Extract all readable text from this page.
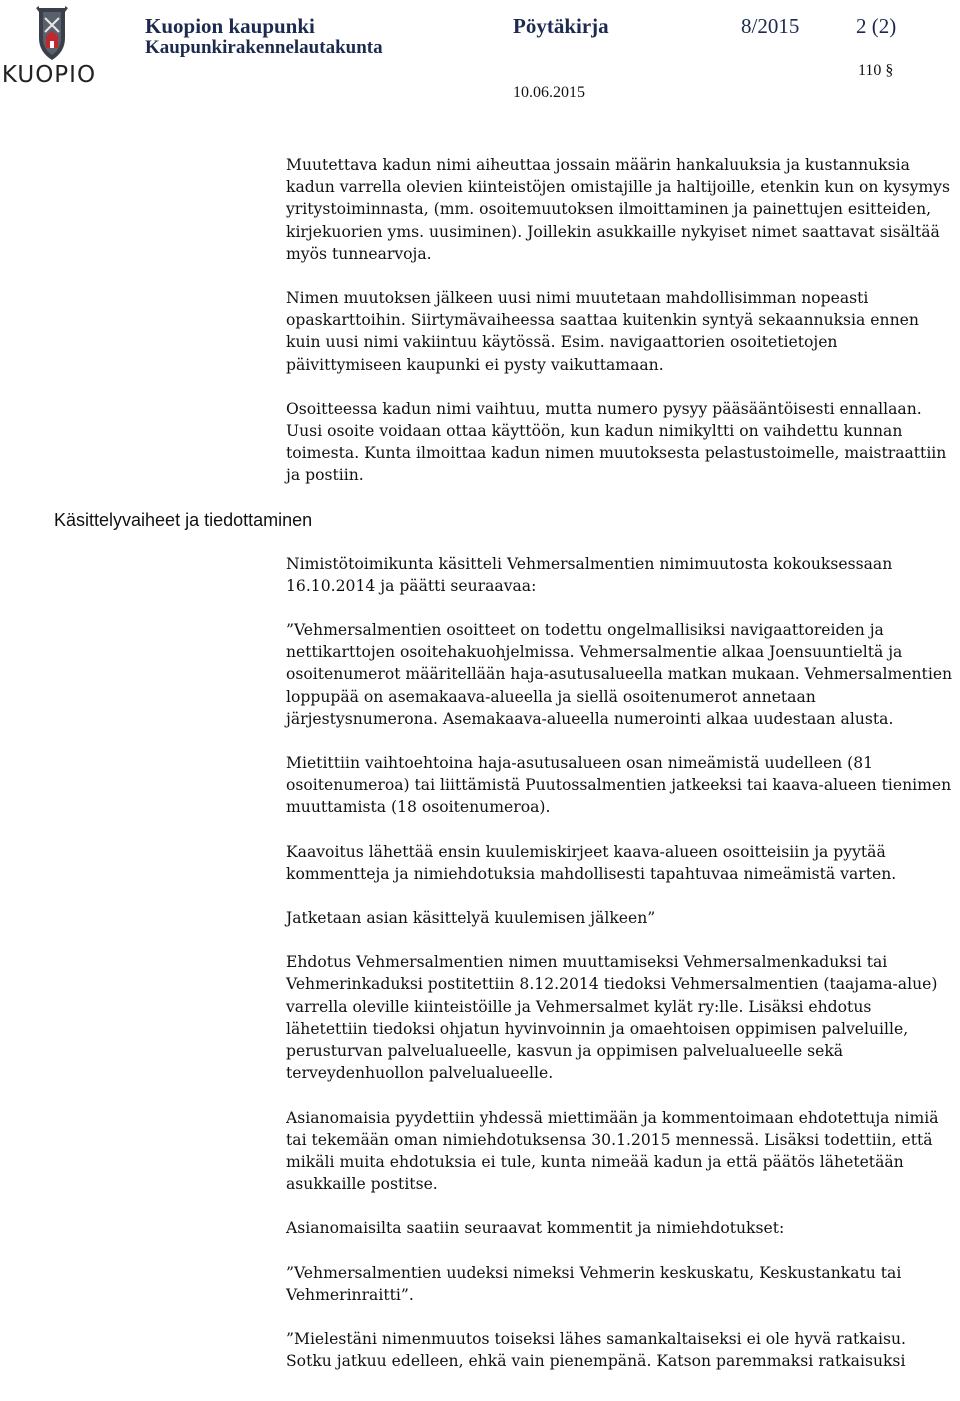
KUOPIO
Kuopion kaupunki
Kaupunkirakennelautakunta
Pöytäkirja	8/2015	2 (2)
110 §
10.06.2015
Käsittelyvaiheet ja tiedottaminen

Muutettava kadun nimi aiheuttaa jossain määrin hankaluuksia ja kustannuksia kadun varrella olevien kiinteistöjen omistajille ja haltijoille, etenkin kun on kysymys yritystoiminnasta, (mm. osoitemuutoksen ilmoittaminen ja painettujen esitteiden, kirjekuorien yms. uusiminen). Joillekin asukkaille nykyiset nimet saattavat sisältää myös tunnearvoja.

Nimen muutoksen jälkeen uusi nimi muutetaan mahdollisimman nopeasti opaskarttoihin. Siirtymävaiheessa saattaa kuitenkin syntyä sekaannuksia ennen kuin uusi nimi vakiintuu käytössä. Esim. navigaattorien osoitetietojen päivittymiseen kaupunki ei pysty vaikuttamaan.

Osoitteessa kadun nimi vaihtuu, mutta numero pysyy pääsääntöisesti ennallaan. Uusi osoite voidaan ottaa käyttöön, kun kadun nimikyltti on vaihdettu kunnan toimesta. Kunta ilmoittaa kadun nimen muutoksesta pelastustoimelle, maistraattiin ja postiin.

Nimistötoimikunta käsitteli Vehmersalmentien nimimuutosta kokouksessaan 16.10.2014 ja päätti seuraavaa:

”Vehmersalmentien osoitteet on todettu ongelmallisiksi navigaattoreiden ja nettikarttojen osoitehakuohjelmissa. Vehmersalmentie alkaa Joensuuntieltä ja osoitenumerot määritellään haja-asutusalueella matkan mukaan. Vehmersalmentien loppupää on asemakaava-alueella ja siellä osoitenumerot annetaan järjestysnumerona. Asemakaava-alueella numerointi alkaa uudestaan alusta.

Mietittiin vaihtoehtoina haja-asutusalueen osan nimeämistä uudelleen (81 osoitenumeroa) tai liittämistä Puutossalmentien jatkeeksi tai kaava-alueen tienimen muuttamista (18 osoitenumeroa).

Kaavoitus lähettää ensin kuulemiskirjeet kaava-alueen osoitteisiin ja pyytää kommentteja ja nimiehdotuksia mahdollisesti tapahtuvaa nimeämistä varten.

Jatketaan asian käsittelyä kuulemisen jälkeen”

Ehdotus Vehmersalmentien nimen muuttamiseksi Vehmersalmenkaduksi tai Vehmerinkaduksi postitettiin 8.12.2014 tiedoksi Vehmersalmentien (taajama-alue) varrella oleville kiinteistöille ja Vehmersalmet kylät ry:lle. Lisäksi ehdotus lähetettiin tiedoksi ohjatun hyvinvoinnin ja omaehtoisen oppimisen palveluille, perusturvan palvelualueelle, kasvun ja oppimisen palvelualueelle sekä terveydenhuollon palvelualueelle.

Asianomaisia pyydettiin yhdessä miettimään ja kommentoimaan ehdotettuja nimiä tai tekemään oman nimiehdotuksensa 30.1.2015 mennessä. Lisäksi todettiin, että mikäli muita ehdotuksia ei tule, kunta nimeää kadun ja että päätös lähetetään asukkaille postitse.

Asianomaisilta saatiin seuraavat kommentit ja nimiehdotukset:

”Vehmersalmentien uudeksi nimeksi Vehmerin keskuskatu, Keskustankatu tai Vehmerinraitti”.

”Mielestäni nimenmuutos toiseksi lähes samankaltaiseksi ei ole hyvä ratkaisu. Sotku jatkuu edelleen, ehkä vain pienempänä. Katson paremmaksi ratkaisuksi
